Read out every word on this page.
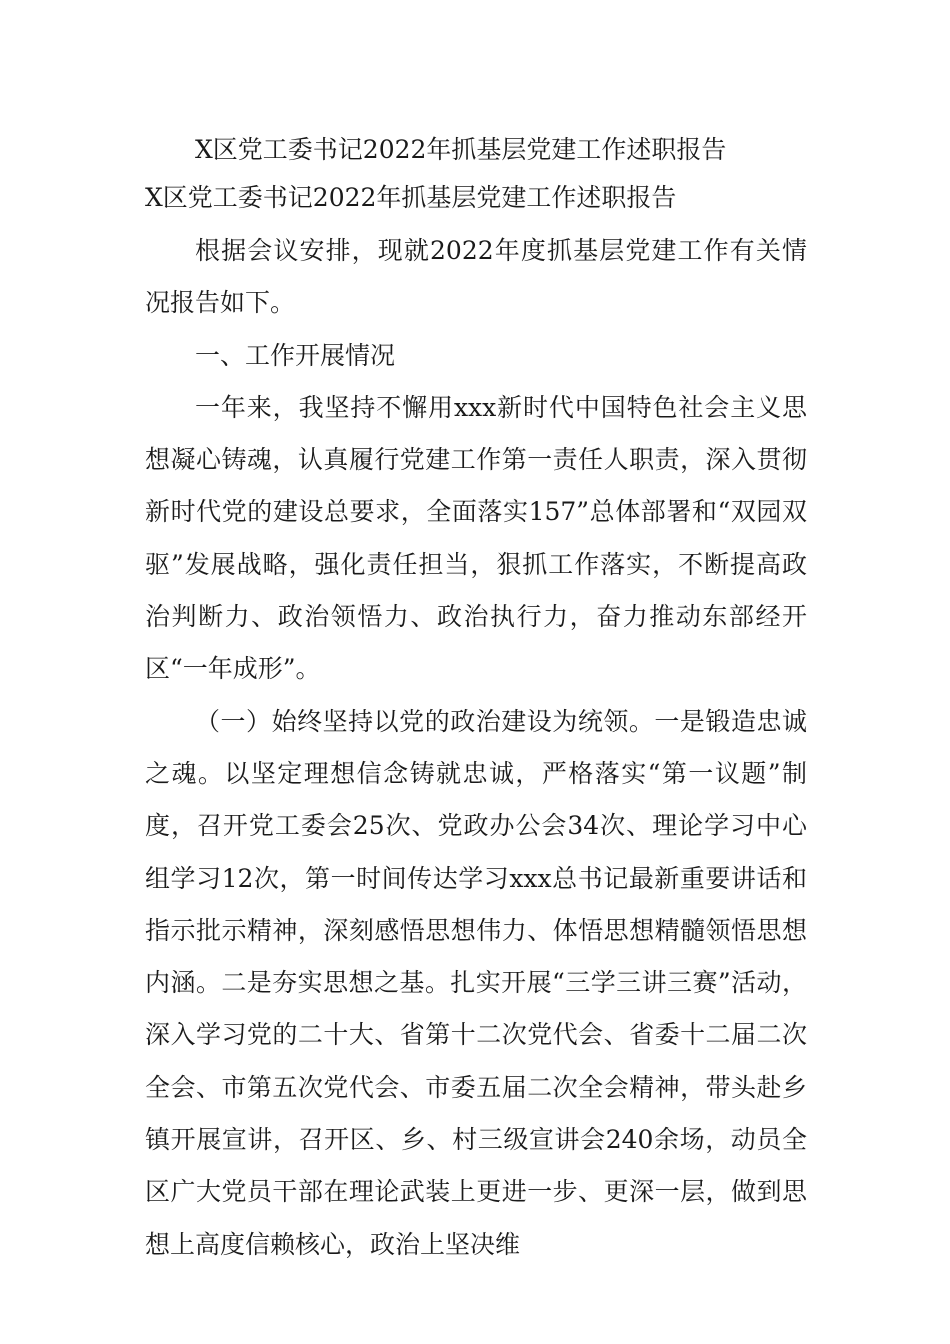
X区党工委书记2022年抓基层党建工作述职报告
X区党工委书记2022年抓基层党建工作述职报告

根据会议安排，现就2022年度抓基层党建工作有关情况报告如下。

一、工作开展情况

一年来，我坚持不懈用xxx新时代中国特色社会主义思想凝心铸魂，认真履行党建工作第一责任人职责，深入贯彻新时代党的建设总要求，全面落实157”总体部署和“双园双驱”发展战略，强化责任担当，狠抓工作落实，不断提高政治判断力、政治领悟力、政治执行力，奋力推动东部经开区“一年成形”。

（一）始终坚持以党的政治建设为统领。一是锻造忠诚之魂。以坚定理想信念铸就忠诚，严格落实“第一议题”制度，召开党工委会25次、党政办公会34次、理论学习中心组学习12次，第一时间传达学习xxx总书记最新重要讲话和指示批示精神，深刻感悟思想伟力、体悟思想精髓领悟思想内涵。二是夯实思想之基。扎实开展“三学三讲三赛”活动，深入学习党的二十大、省第十二次党代会、省委十二届二次全会、市第五次党代会、市委五届二次全会精神，带头赴乡镇开展宣讲，召开区、乡、村三级宣讲会240余场，动员全区广大党员干部在理论武装上更进一步、更深一层，做到思想上高度信赖核心，政治上坚决维
